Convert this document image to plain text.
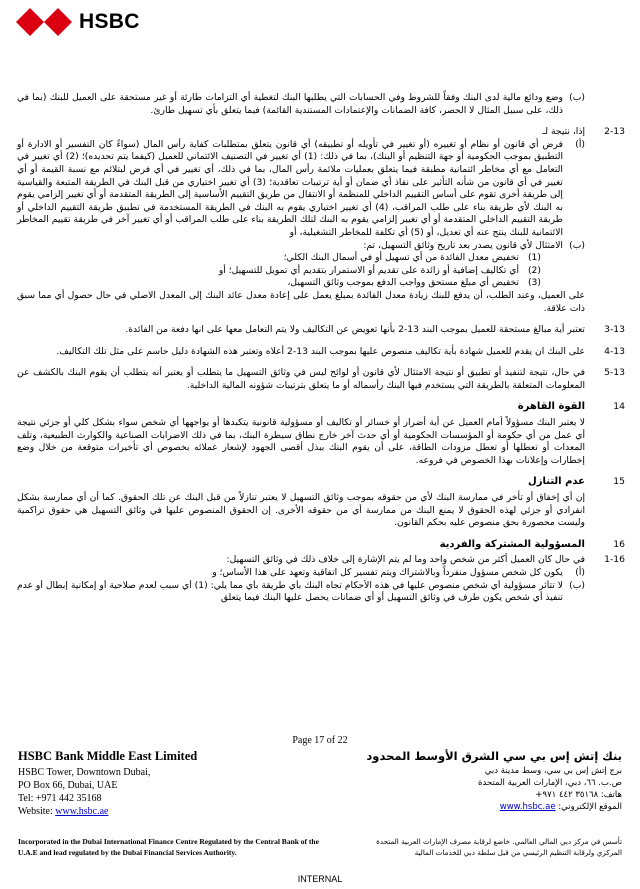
HSBC
(ب)
وضع ودائع مالية لدى البنك وفقاً للشروط وفي الحسابات التي يطلبها البنك لتغطية أي التزامات طارئة أو غير مستحقة على العميل للبنك (بما في ذلك، على سبيل المثال لا الحصر، كافة الضمانات والإعتمادات المستندية القائمة) فيما يتعلق بأي تسهيل طارئ.
2-13
إذا، نتيجة لـ
(أ)
فرض أي قانون أو نظام أو تغييره (أو تغيير في تأويله أو تطبيقه) أي قانون يتعلق بمتطلبات كفاية رأس المال (سواءً كان التفسير أو الادارة أو التطبيق بموجب الحكومية أو جهة التنظيم أو البنك)، بما في ذلك: (1) أي تغيير في التصنيف الائتماني للعميل (كيفما يتم تحديده)؛ (2) أي تغيير في التعامل مع أي مخاطر ائتمانية مطبقة فيما يتعلق بعمليات ملائمة رأس المال، بما في ذلك، أي تغيير في أي فرض لبتلائم مع نسبة القيمة أو أي تغيير في أي قانون من شأنه التأثير على نفاذ أي ضمان أو أية ترتيبات تعاقدية؛ (3) أي تغيير اختياري من قبل البنك في الطريقة المتبعة والقياسية إلى طريقة أخرى تقوم على أساس التقييم الداخلي للمنظمة أو الانتقال من طريق التقييم الأساسية إلى الطريقة المتقدمة أو أي تغيير إلزامي يقوم به البنك لأي طريقة بناء على طلب المراقب، (4) أي تغيير اختياري يقوم به البنك في الطريقة المستخدمة في تطبيق طريقة التقييم الداخلي أو طريقة التقييم الداخلي المتقدمة أو أي تغيير إلزامي يقوم به البنك لتلك الطريقة بناء على طلب المراقب أو أي تغيير آخر في طريقة تقييم المخاطر الائتمانية للبنك ينتج عنه أي تعديل، أو (5) أي تكلفة للمخاطر التشغيلية، أو
(ب)
الامتثال لأي قانون يصدر بعد تاريخ وثائق التسهيل، تم:
(1)
تخفيض معدل الفائدة من أي تسهيل أو في أسمال البنك الكلي؛
(2)
أي تكاليف إضافية أو زائدة على تقديم أو الاستمرار بتقديم أي تمويل للتسهيل؛ أو
(3)
تخفيض أي مبلغ مستحق وواجب الدفع بموجب وثائق التسهيل،
على العميل، وعند الطلب، أن يدفع للبنك زيادة معدل الفائدة بمبلغ يعمل على إعادة معدل عائد البنك إلى المعدل الاصلي في حال حصول أي مما سبق ذات علاقة.
3-13
تعتبر أية مبالغ مستحقة للعميل بموجب البند 13-2 بأنها تعويض عن التكاليف ولا يتم التعامل معها على انها دفعة من الفائدة.
4-13
على البنك ان يقدم للعميل شهادة بأية تكاليف منصوص عليها بموجب البند 13-2 أعلاه وتعتبر هذه الشهادة دليل حاسم على مثل تلك التكاليف.
5-13
في حال، نتيجة لتنفيذ أو تطبيق أو نتيجة الامتثال لأي قانون أو لوائح ليس في وثائق التسهيل ما يتطلب أو يعتبر أنه يتطلب أن يقوم البنك بالكشف عن المعلومات المتعلقة بالطريقة التي يستخدم فيها البنك رأسماله أو ما يتعلق بترتيبات شؤونه المالية الداخلية.
14
القوة القاهرة
لا يعتبر البنك مسؤولاً أمام العميل عن أية أضرار أو خسائر أو تكاليف أو مسؤولية قانونية يتكبدها أو يواجهها أي شخص سواء بشكل كلي أو جزئي نتيجة أي عمل من أي حكومة أو المؤسسات الحكومية أو أي حدث آخر خارج نطاق سيطرة البنك، بما في ذلك الاضرابات الصناعية والكوارث الطبيعية، وتلف المعدات أو تعطلها أو تعطل مزودات الطاقة، على أن يقوم البنك ببذل أقصى الجهود لإشعار عملائه بخصوص أي تأخيرات متوقعة من خلال وضع إخطارات وإعلانات بهذا الخصوص في فروعه.
15
عدم التنازل
إن أي إخفاق أو تأخر في ممارسة البنك لأي من حقوقه بموجب وثائق التسهيل لا يعتبر تنازلاً من قبل البنك عن تلك الحقوق. كما أن أي ممارسة بشكل انفرادي أو جزئي لهذه الحقوق لا يمنع البنك من ممارسة أي من حقوقه الأخرى. إن الحقوق المنصوص عليها في وثائق التسهيل هي حقوق تراكمية وليست محصورة بحق منصوص عليه بحكم القانون.
16
المسؤولية المشتركة والفردية
1-16
في حال كان العميل أكثر من شخص واحد وما لم يتم الإشارة إلى خلاف ذلك في وثائق التسهيل:
(أ)
يكون كل شخص مسؤول منفرداً وبالاشتراك ويتم تفسير كل اتفاقية وتعهد على هذا الأساس؛ و
(ب)
لا تتأثر مسؤولية أي شخص منصوص عليها في هذه الأحكام تجاه البنك بأي طريقة بأي مما يلي: (1) أي سبب لعدم صلاحية أو إمكانية إبطال أو عدم تنفيذ أي شخص يكون طرف في وثائق التسهيل أو أي ضمانات يحصل عليها البنك فيما يتعلق
Page 17 of 22
HSBC Bank Middle East Limited
HSBC Tower, Downtown Dubai,
PO Box 66, Dubai, UAE
Tel: +971 442 35168
Website: www.hsbc.ae
بنك إتش إس بي سي الشرق الأوسط المحدود
برج إتش إس بي سي، وسط مدينة دبي
ص.ب. ٦٦، دبي، الإمارات العربية المتحدة
هاتف: ٣٥١٦٨ ٤٤٢ ٩٧١+
الموقع الإلكتروني: www.hsbc.ae
Incorporated in the Dubai International Finance Centre Regulated by the Central Bank of the U.A.E and lead regulated by the Dubai Financial Services Authority.
تأسس في مركز دبي المالي العالمي. خاضع لرقابة مصرف الإمارات العربية المتحدة المركزي ولرقابة التنظيم الرئيسي من قبل سلطة دبي للخدمات المالية
INTERNAL
